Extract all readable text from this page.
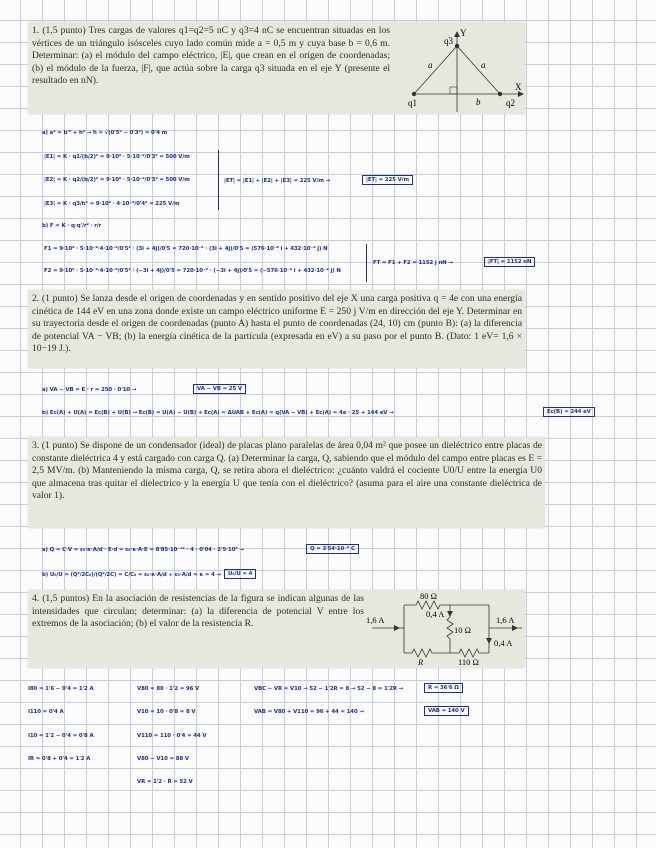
1. (1,5 punto) Tres cargas de valores q1=q2=5 nC y q3=4 nC se encuentran situadas en los vértices de un triángulo isósceles cuyo lado común mide a = 0,5 m y cuya base b = 0,6 m. Determinar: (a) el módulo del campo eléctrico, |E|, que crean en el origen de coordenadas; (b) el módulo de la fuerza, |F|, que actúa sobre la carga q3 situada en el eje Y (presente el resultado en nN).
q3
Y
a	a
b
q1	q2
X
a) a² = b'² + h² → h = √(0'5² − 0'3²) = 0'4 m
|E1| = K · q1/(b/2)² = 9·10⁹ · 5·10⁻⁹/0'3² = 500 V/m
|E2| = K · q2/(b/2)² = 9·10⁹ · 5·10⁻⁹/0'3² = 500 V/m
|E3| = K · q3/h² = 9·10⁹ · 4·10⁻⁹/0'4² = 225 V/m
|ET| = |E1| + |E2| + |E3| = 225 V/m →	|ET| = 225 V/m
b) F = K · q·q'/r² · r/r
F1 = 9·10⁹ · 5·10⁻⁹·4·10⁻⁹/0'5² · (3i + 4j)/0'5 = 720·10⁻⁹ · (3i + 4j)/0'5 = (576·10⁻⁹ i + 432·10⁻⁹ j) N
F2 = 9·10⁹ · 5·10⁻⁹·4·10⁻⁹/0'5² · (−3i + 4j)/0'5 = 720·10⁻⁹ · (−3i + 4j)/0'5 = (−576·10⁻⁹ i + 432·10⁻⁹ j) N
FT = F1 + F2 = 1152 j nN →	|FT| = 1152 nN
2. (1 punto) Se lanza desde el origen de coordenadas y en sentido positivo del eje X una carga positiva q = 4e con una energía cinética de 144 eV en una zona donde existe un campo eléctrico uniforme E = 250 j V/m en dirección del eje Y. Determinar en su trayectoria desde el origen de coordenadas (punto A) hasta el punto de coordenadas (24, 10) cm (punto B): (a) la diferencia de potencial VA − VB; (b) la energía cinética de la partícula (expresada en eV) a su paso por el punto B. (Dato: 1 eV= 1,6 × 10−19 J.).
a) VA − VB = E · r = 250 · 0'10 →	VA − VB = 25 V
b) Ec(A) + U(A) = Ec(B) + U(B) → Ec(B) = U(A) − U(B) + Ec(A) = ΔUAB + Ec(A) = q(VA − VB) + Ec(A) = 4e · 25 + 144 eV →	Ec(B) = 244 eV
3. (1 punto) Se dispone de un condensador (ideal) de placas plano paralelas de área 0,04 m² que posee un dieléctrico entre placas de constante dieléctrica 4 y está cargado con carga Q. (a) Determinar la carga, Q, sabiendo que el módulo del campo entre placas es E = 2,5 MV/m. (b) Manteniendo la misma carga, Q, se retira ahora el dieléctrico: ¿cuánto valdrá el cociente U0/U entre la energía U0 que almacena tras quitar el dielectrico y la energía U que tenía con el dieléctrico? (asuma para el aire una constante dieléctrica de valor 1).
a) Q = C·V = ε₀·κ·A/d · E·d = ε₀·κ·A·E = 8'85·10⁻¹² · 4 · 0'04 · 2'5·10⁶ →	Q = 3'54·10⁻⁶ C
b) U₀/U = (Q²/2C₀)/(Q²/2C) = C/C₀ = ε₀·κ·A/d ÷ ε₀·A/d = κ = 4 →	U₀/U = 4
4. (1,5 puntos) En la asociación de resistencias de la figura se indican algunas de las intensidades que circulan; determinar: (a) la diferencia de potencial V entre los extremos de la asociación; (b) el valor de la resistencia R.
80 Ω
0,4 A
10 Ω
110 Ω
R
1,6 A	1,6 A
0,4 A
I80 = 1'6 − 0'4 = 1'2 A
I110 = 0'4 A
I10 = 1'2 − 0'4 = 0'8 A
IR = 0'8 + 0'4 = 1'2 A
V80 = 80 · 1'2 = 96 V
V10 = 10 · 0'8 = 8 V
V110 = 110 · 0'4 = 44 V
V80 − V10 = 88 V
VR = 1'2 · R = 52 V
VBC − VR = V10 → 52 − 1'2R = 8 → 52 − 8 = 1'2R →	R = 36'6 Ω
VAB = V80 + V110 = 96 + 44 = 140 →	VAB = 140 V
